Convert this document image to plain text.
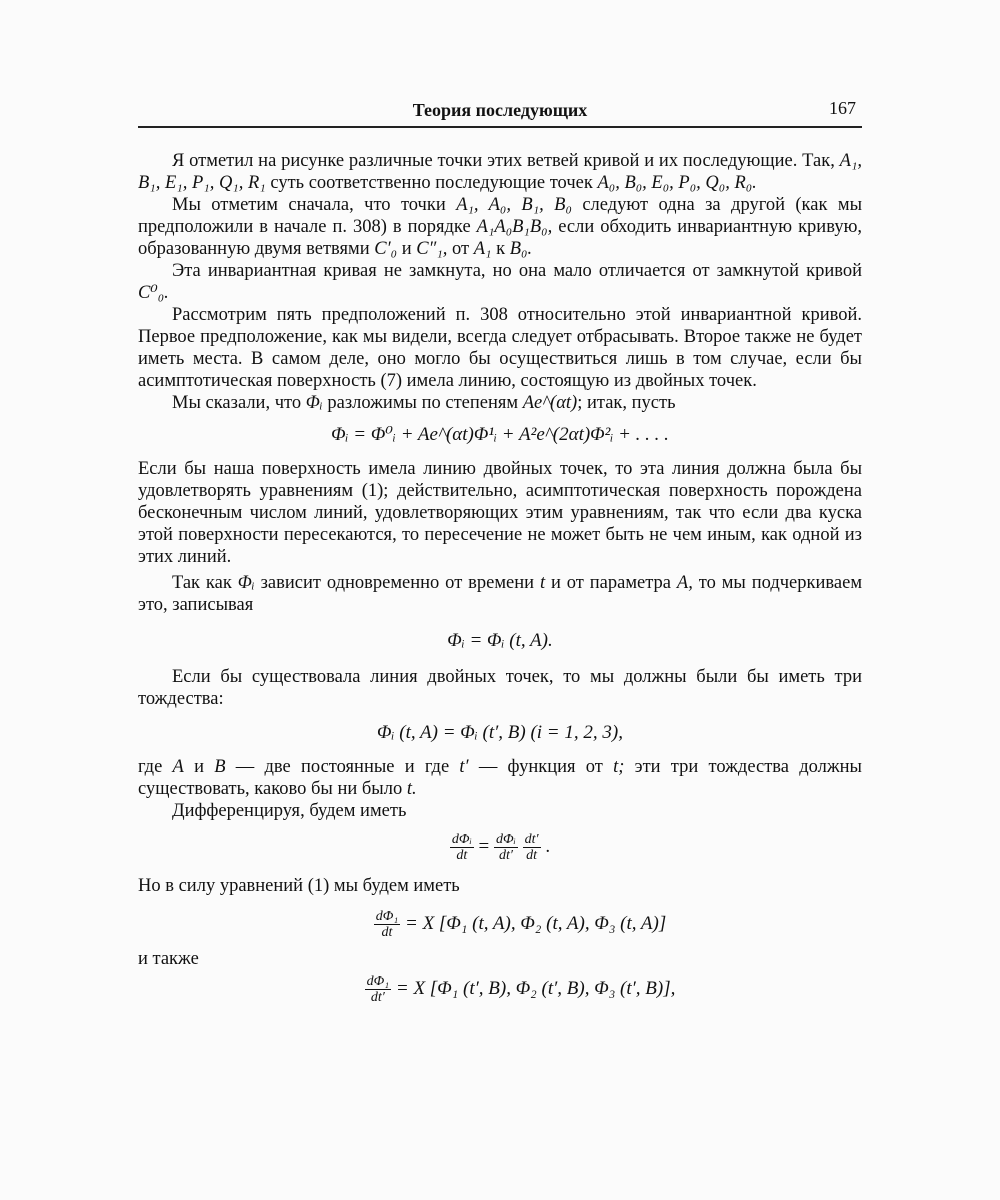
Теория последующих	167

Я отметил на рисунке различные точки этих ветвей кривой и их последующие. Так, A₁, B₁, E₁, P₁, Q₁, R₁ суть соответственно последующие точек A₀, B₀, E₀, P₀, Q₀, R₀.

Мы отметим сначала, что точки A₁, A₀, B₁, B₀ следуют одна за другой (как мы предположили в начале п. 308) в порядке A₁A₀B₁B₀, если обходить инвариантную кривую, образованную двумя ветвями C′₀ и C″₁, от A₁ к B₀.

Эта инвариантная кривая не замкнута, но она мало отличается от замкнутой кривой C⁰₀.

Рассмотрим пять предположений п. 308 относительно этой инвариантной кривой. Первое предположение, как мы видели, всегда следует отбрасывать. Второе также не будет иметь места. В самом деле, оно могло бы осуществиться лишь в том случае, если бы асимптотическая поверхность (7) имела линию, состоящую из двойных точек.

Мы сказали, что Φᵢ разложимы по степеням Ae^(αt); итак, пусть

Φᵢ = Φ⁰ᵢ + Ae^(αt)Φ¹ᵢ + A²e^(2αt)Φ²ᵢ + . . . .

Если бы наша поверхность имела линию двойных точек, то эта линия должна была бы удовлетворять уравнениям (1); действительно, асимптотическая поверхность порождена бесконечным числом линий, удовлетворяющих этим уравнениям, так что если два куска этой поверхности пересекаются, то пересечение не может быть не чем иным, как одной из этих линий.

Так как Φᵢ зависит одновременно от времени t и от параметра A, то мы подчеркиваем это, записывая

Φᵢ = Φᵢ (t, A).

Если бы существовала линия двойных точек, то мы должны были бы иметь три тождества:

Φᵢ (t, A) = Φᵢ (t′, B) (i = 1, 2, 3),

где A и B — две постоянные и где t′ — функция от t; эти три тождества должны существовать, каково бы ни было t.

Дифференцируя, будем иметь

$\frac{\text{dΦᵢ}}{dt} = \frac{\text{dΦᵢ}}{dt'}$
$\frac{dt'}{dt}$ .

Но в силу уравнений (1) мы будем иметь

$\frac{\text{dΦ₁}}{dt} = X$ [Φ₁ (t, A), Φ₂ (t, A), Φ₃ (t, A)]

и также

$\frac{\text{dΦ₁}}{dt'} = X$ [Φ₁ (t′, B), Φ₂ (t′, B), Φ₃ (t′, B)],
